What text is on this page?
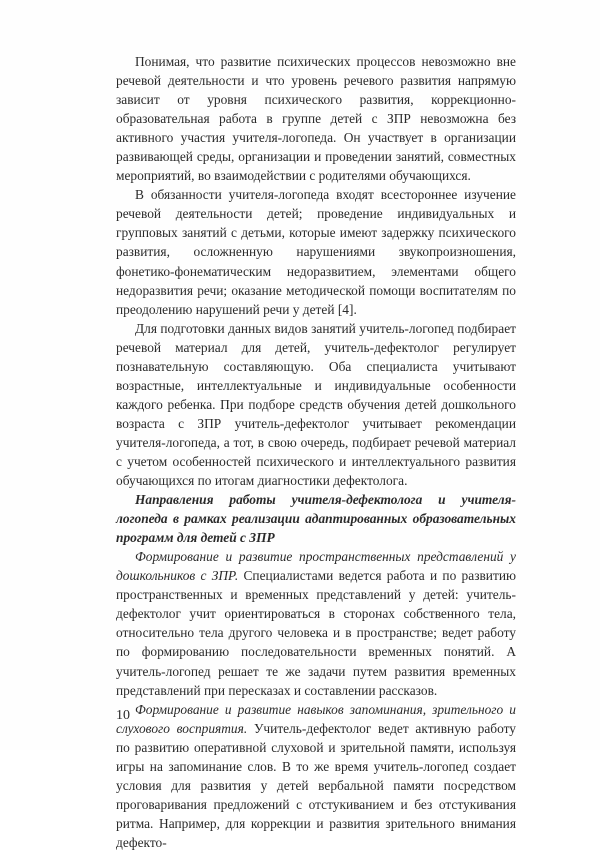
Понимая, что развитие психических процессов невозможно вне речевой деятельности и что уровень речевого развития напрямую зависит от уровня психического развития, коррекционно-образовательная работа в группе детей с ЗПР невозможна без активного участия учителя-логопеда. Он участвует в организации развивающей среды, организации и проведении занятий, совместных мероприятий, во взаимодействии с родителями обучающихся.

В обязанности учителя-логопеда входят всестороннее изучение речевой деятельности детей; проведение индивидуальных и групповых занятий с детьми, которые имеют задержку психического развития, осложненную нарушениями звукопроизношения, фонетико-фонематическим недоразвитием, элементами общего недоразвития речи; оказание методической помощи воспитателям по преодолению нарушений речи у детей [4].

Для подготовки данных видов занятий учитель-логопед подбирает речевой материал для детей, учитель-дефектолог регулирует познавательную составляющую. Оба специалиста учитывают возрастные, интеллектуальные и индивидуальные особенности каждого ребенка. При подборе средств обучения детей дошкольного возраста с ЗПР учитель-дефектолог учитывает рекомендации учителя-логопеда, а тот, в свою очередь, подбирает речевой материал с учетом особенностей психического и интеллектуального развития обучающихся по итогам диагностики дефектолога.

Направления работы учителя-дефектолога и учителя-логопеда в рамках реализации адаптированных образовательных программ для детей с ЗПР

Формирование и развитие пространственных представлений у дошкольников с ЗПР. Специалистами ведется работа и по развитию пространственных и временных представлений у детей: учитель-дефектолог учит ориентироваться в сторонах собственного тела, относительно тела другого человека и в пространстве; ведет работу по формированию последовательности временных понятий. А учитель-логопед решает те же задачи путем развития временных представлений при пересказах и составлении рассказов.

Формирование и развитие навыков запоминания, зрительного и слухового восприятия. Учитель-дефектолог ведет активную работу по развитию оперативной слуховой и зрительной памяти, используя игры на запоминание слов. В то же время учитель-логопед создает условия для развития у детей вербальной памяти посредством проговаривания предложений с отстукиванием и без отстукивания ритма. Например, для коррекции и развития зрительного внимания дефекто-

10
